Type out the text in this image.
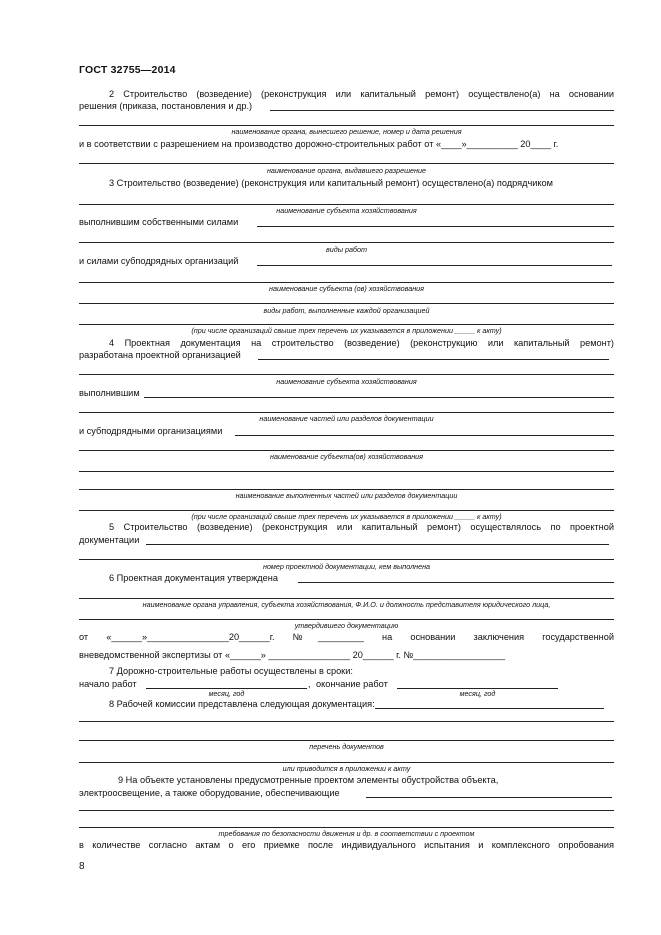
ГОСТ 32755—2014
2 Строительство (возведение) (реконструкция или капитальный ремонт) осуществлено(а) на основании
решения (приказа, постановления и др.)
наименование органа, вынесшего решение, номер и дата решения
и в соответствии с разрешением на производство дорожно-строительных работ от «____»__________ 20____ г.
наименование органа, выдавшего разрешение
3 Строительство (возведение) (реконструкция или капитальный ремонт) осуществлено(а) подрядчиком
наименование субъекта хозяйствования
выполнившим собственными силами
виды работ
и силами субподрядных организаций
наименование субъекта (ов) хозяйствования
виды работ, выполненные каждой организацией
(при числе организаций свыше трех перечень их указывается в приложении _____ к акту)
4 Проектная документация на строительство (возведение) (реконструкцию или капитальный ремонт)
разработана проектной организацией
наименование субъекта хозяйствования
выполнившим
наименование частей или разделов документации
и субподрядными организациями
наименование субъекта(ов) хозяйствования
наименование выполненных частей или разделов документации
(при числе организаций свыше трех перечень их указывается в приложении _____ к акту)
5 Строительство (возведение) (реконструкция или капитальный ремонт) осуществлялось по проектной
документации
номер проектной документации, кем выполнена
6 Проектная документация утверждена
наименование органа управления, субъекта хозяйствования, Ф.И.О. и должность представителя юридического лица,
утвердившего документацию
от «______»________________20______г. №_________ на основании заключения государственной
вневедомственной экспертизы от «______» ________________ 20______ г. №__________________
7 Дорожно-строительные работы осуществлены в сроки:
начало работ	, окончание работ
месяц, год	месяц, год
8 Рабочей комиссии представлена следующая документация:
перечень документов
или приводится в приложении к акту
9 На объекте установлены предусмотренные проектом элементы обустройства объекта,
электроосвещение, а также оборудование, обеспечивающие
требования по безопасности движения и др. в соответствии с проектом
в количестве согласно актам о его приемке после индивидуального испытания и комплексного опробования
8
